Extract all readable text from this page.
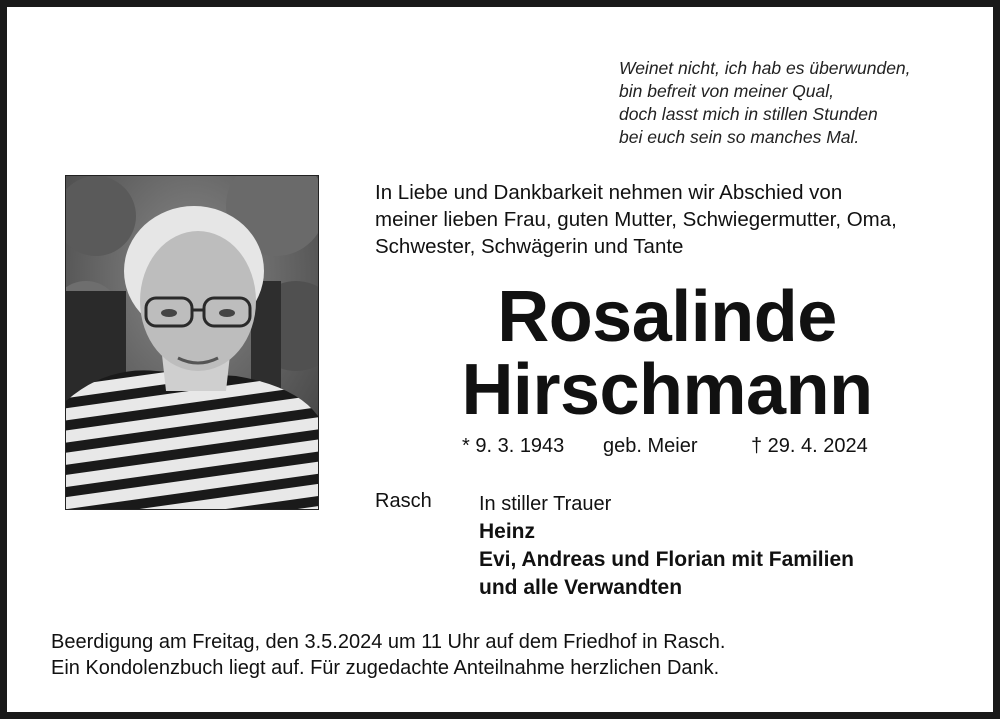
Weinet nicht, ich hab es überwunden,
bin befreit von meiner Qual,
doch lasst mich in stillen Stunden
bei euch sein so manches Mal.
In Liebe und Dankbarkeit nehmen wir Abschied von
meiner lieben Frau, guten Mutter, Schwiegermutter, Oma,
Schwester, Schwägerin und Tante
Rosalinde
Hirschmann
* 9. 3. 1943 geb. Meier	† 29. 4. 2024
Rasch In stiller Trauer
Heinz
Evi, Andreas und Florian mit Familien
und alle Verwandten
Beerdigung am Freitag, den 3.5.2024 um 11 Uhr auf dem Friedhof in Rasch.
Ein Kondolenzbuch liegt auf. Für zugedachte Anteilnahme herzlichen Dank.
